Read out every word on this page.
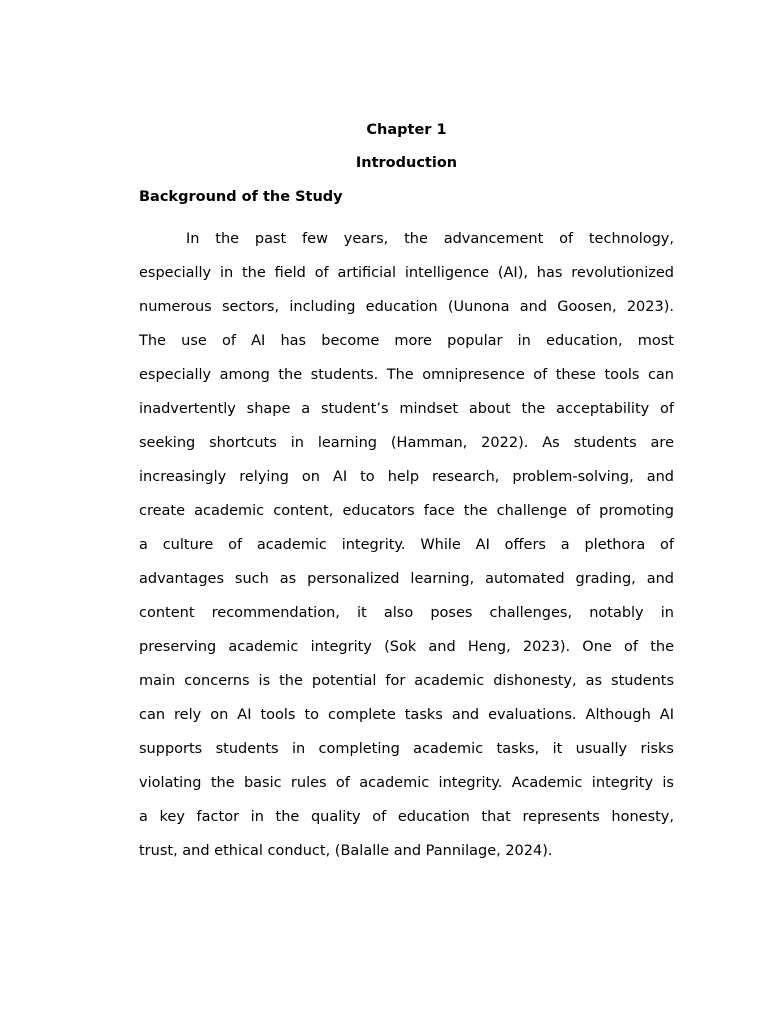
Chapter 1
Introduction
Background of the Study
In the past few years, the advancement of technology,
especially in the field of artificial intelligence (AI), has revolutionized
numerous sectors, including education (Uunona and Goosen, 2023).
The use of AI has become more popular in education, most
especially among the students. The omnipresence of these tools can
inadvertently shape a student’s mindset about the acceptability of
seeking shortcuts in learning (Hamman, 2022). As students are
increasingly relying on AI to help research, problem-solving, and
create academic content, educators face the challenge of promoting
a culture of academic integrity. While AI offers a plethora of
advantages such as personalized learning, automated grading, and
content recommendation, it also poses challenges, notably in
preserving academic integrity (Sok and Heng, 2023). One of the
main concerns is the potential for academic dishonesty, as students
can rely on AI tools to complete tasks and evaluations. Although AI
supports students in completing academic tasks, it usually risks
violating the basic rules of academic integrity. Academic integrity is
a key factor in the quality of education that represents honesty,
trust, and ethical conduct, (Balalle and Pannilage, 2024).
